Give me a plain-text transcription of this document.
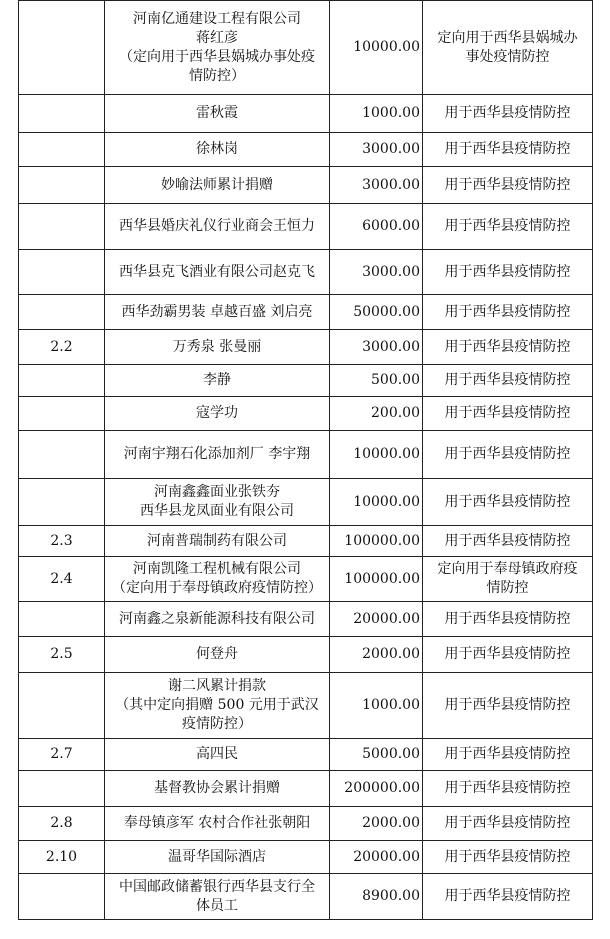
	河南亿通建设工程有限公司
蒋红彦
（定向用于西华县娲城办事处疫
情防控）	10000.00	定向用于西华县娲城办
事处疫情防控

	雷秋霞	1000.00	用于西华县疫情防控

	徐林岗	3000.00	用于西华县疫情防控

	妙喻法师累计捐赠	3000.00	用于西华县疫情防控

	西华县婚庆礼仪行业商会王恒力	6000.00	用于西华县疫情防控

	西华县克飞酒业有限公司赵克飞	3000.00	用于西华县疫情防控

	西华劲霸男装 卓越百盛 刘启亮	50000.00	用于西华县疫情防控

2.2	万秀泉 张曼丽	3000.00	用于西华县疫情防控

	李静	500.00	用于西华县疫情防控

	寇学功	200.00	用于西华县疫情防控

	河南宇翔石化添加剂厂 李宇翔	10000.00	用于西华县疫情防控

	河南鑫鑫面业张铁夯
西华县龙凤面业有限公司	10000.00	用于西华县疫情防控

2.3	河南普瑞制药有限公司	100000.00	用于西华县疫情防控

2.4	河南凯隆工程机械有限公司
（定向用于奉母镇政府疫情防控）	100000.00	定向用于奉母镇政府疫
情防控

	河南鑫之泉新能源科技有限公司	20000.00	用于西华县疫情防控

2.5	何登舟	2000.00	用于西华县疫情防控

	谢二风累计捐款
（其中定向捐赠 500 元用于武汉
疫情防控）	1000.00	用于西华县疫情防控

2.7	高四民	5000.00	用于西华县疫情防控

	基督教协会累计捐赠	200000.00	用于西华县疫情防控

2.8	奉母镇彦军 农村合作社张朝阳	2000.00	用于西华县疫情防控

2.10	温哥华国际酒店	20000.00	用于西华县疫情防控

	中国邮政储蓄银行西华县支行全
体员工	8900.00	用于西华县疫情防控
